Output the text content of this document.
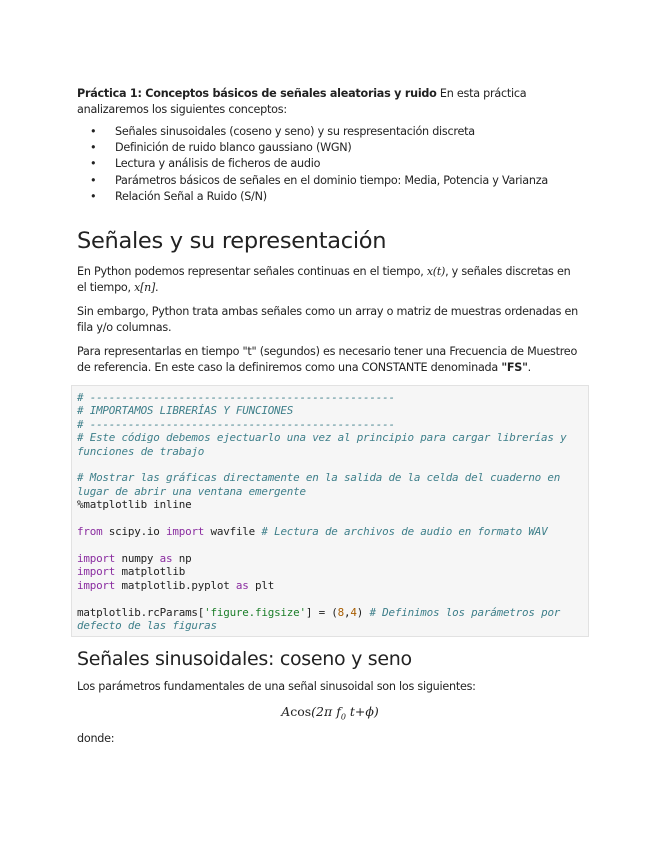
Práctica 1: Conceptos básicos de señales aleatorias y ruido En esta práctica analizaremos los siguientes conceptos:

• Señales sinusoidales (coseno y seno) y su respresentación discreta
• Definición de ruido blanco gaussiano (WGN)
• Lectura y análisis de ficheros de audio
• Parámetros básicos de señales en el dominio tiempo: Media, Potencia y Varianza
• Relación Señal a Ruido (S/N)
Señales y su representación

En Python podemos representar señales continuas en el tiempo, x(t), y señales discretas en el tiempo, x[n].

Sin embargo, Python trata ambas señales como un array o matriz de muestras ordenadas en fila y/o columnas.

Para representarlas en tiempo "t" (segundos) es necesario tener una Frecuencia de Muestreo de referencia. En este caso la definiremos como una CONSTANTE denominada "FS".

# ------------------------------------------------
# IMPORTAMOS LIBRERÍAS Y FUNCIONES
# ------------------------------------------------
# Este código debemos ejectuarlo una vez al principio para cargar librerías y funciones de trabajo

# Mostrar las gráficas directamente en la salida de la celda del cuaderno en lugar de abrir una ventana emergente
%matplotlib inline

from scipy.io import wavfile # Lectura de archivos de audio en formato WAV

import numpy as np
import matplotlib
import matplotlib.pyplot as plt

matplotlib.rcParams['figure.figsize'] = (8,4) # Definimos los parámetros por defecto de las figuras
Señales sinusoidales: coseno y seno

Los parámetros fundamentales de una señal sinusoidal son los siguientes:

Acos(2π $f_0$ t+ϕ)

donde:
